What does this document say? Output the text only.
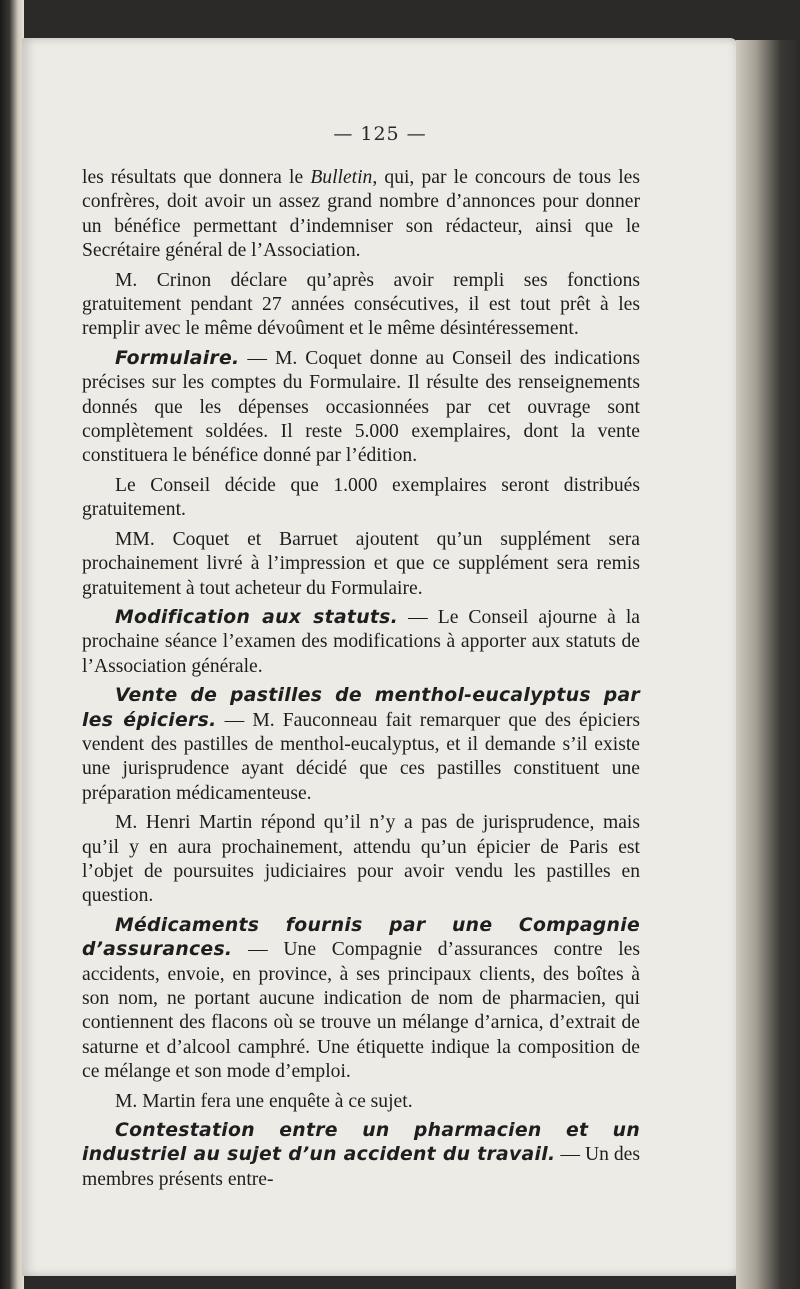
— 125 —

les résultats que donnera le Bulletin, qui, par le concours de tous les confrères, doit avoir un assez grand nombre d’annonces pour donner un bénéfice permettant d’indemniser son rédacteur, ainsi que le Secrétaire général de l’Association.

M. Crinon déclare qu’après avoir rempli ses fonctions gratuitement pendant 27 années consécutives, il est tout prêt à les remplir avec le même dévoûment et le même désintéressement.

Formulaire. — M. Coquet donne au Conseil des indications précises sur les comptes du Formulaire. Il résulte des renseignements donnés que les dépenses occasionnées par cet ouvrage sont complètement soldées. Il reste 5.000 exemplaires, dont la vente constituera le bénéfice donné par l’édition.

Le Conseil décide que 1.000 exemplaires seront distribués gratuitement.

MM. Coquet et Barruet ajoutent qu’un supplément sera prochainement livré à l’impression et que ce supplément sera remis gratuitement à tout acheteur du Formulaire.

Modification aux statuts. — Le Conseil ajourne à la prochaine séance l’examen des modifications à apporter aux statuts de l’Association générale.

Vente de pastilles de menthol-eucalyptus par les épiciers. — M. Fauconneau fait remarquer que des épiciers vendent des pastilles de menthol-eucalyptus, et il demande s’il existe une jurisprudence ayant décidé que ces pastilles constituent une préparation médicamenteuse.

M. Henri Martin répond qu’il n’y a pas de jurisprudence, mais qu’il y en aura prochainement, attendu qu’un épicier de Paris est l’objet de poursuites judiciaires pour avoir vendu les pastilles en question.

Médicaments fournis par une Compagnie d’assurances. — Une Compagnie d’assurances contre les accidents, envoie, en province, à ses principaux clients, des boîtes à son nom, ne portant aucune indication de nom de pharmacien, qui contiennent des flacons où se trouve un mélange d’arnica, d’extrait de saturne et d’alcool camphré. Une étiquette indique la composition de ce mélange et son mode d’emploi.

M. Martin fera une enquête à ce sujet.

Contestation entre un pharmacien et un industriel au sujet d’un accident du travail. — Un des membres présents entre-
